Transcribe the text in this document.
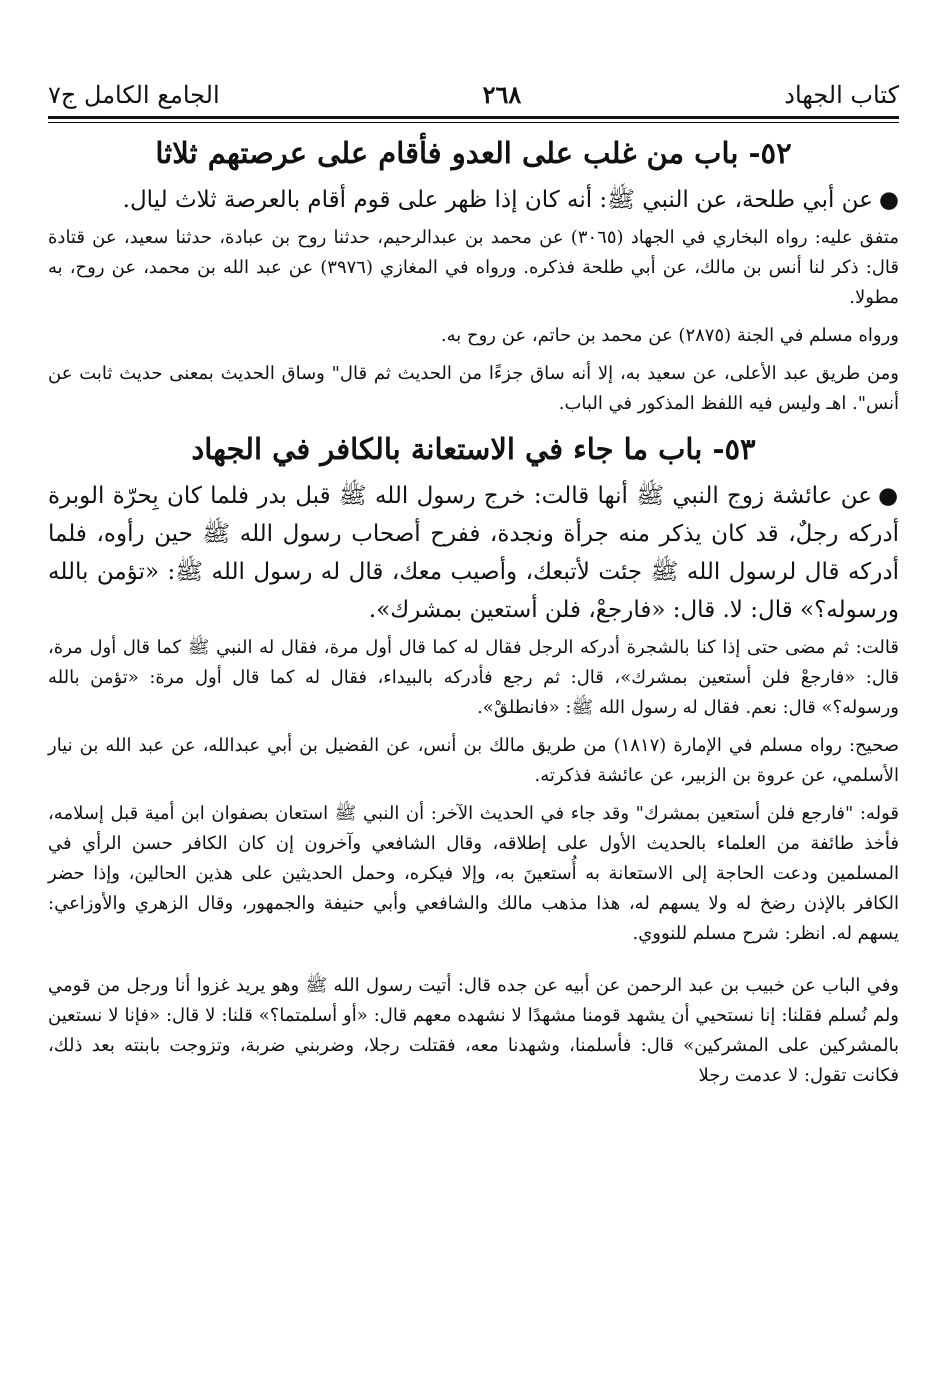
كتاب الجهاد
٢٦٨
الجامع الكامل ج٧
٥٢- باب من غلب على العدو فأقام على عرصتهم ثلاثا

●عن أبي طلحة، عن النبي ﷺ: أنه كان إذا ظهر على قوم أقام بالعرصة ثلاث ليال.

متفق عليه: رواه البخاري في الجهاد (٣٠٦٥) عن محمد بن عبدالرحيم، حدثنا روح بن عبادة، حدثنا سعيد، عن قتادة قال: ذكر لنا أنس بن مالك، عن أبي طلحة فذكره. ورواه في المغازي (٣٩٧٦) عن عبد الله بن محمد، عن روح، به مطولا.

ورواه مسلم في الجنة (٢٨٧٥) عن محمد بن حاتم، عن روح به.

ومن طريق عبد الأعلى، عن سعيد به، إلا أنه ساق جزءًا من الحديث ثم قال" وساق الحديث بمعنى حديث ثابت عن أنس". اهـ وليس فيه اللفظ المذكور في الباب.

٥٣- باب ما جاء في الاستعانة بالكافر في الجهاد

●عن عائشة زوج النبي ﷺ أنها قالت: خرج رسول الله ﷺ قبل بدر فلما كان بِحرّة الوبرة أدركه رجلٌ، قد كان يذكر منه جرأة ونجدة، ففرح أصحاب رسول الله ﷺ حين رأوه، فلما أدركه قال لرسول الله ﷺ جئت لأتبعك، وأصيب معك، قال له رسول الله ﷺ: «تؤمن بالله ورسوله؟» قال: لا. قال: «فارجعْ، فلن أستعين بمشرك».

قالت: ثم مضى حتى إذا كنا بالشجرة أدركه الرجل فقال له كما قال أول مرة، فقال له النبي ﷺ كما قال أول مرة، قال: «فارجعْ فلن أستعين بمشرك»، قال: ثم رجع فأدركه بالبيداء، فقال له كما قال أول مرة: «تؤمن بالله ورسوله؟» قال: نعم. فقال له رسول الله ﷺ: «فانطلقْ».

صحيح: رواه مسلم في الإمارة (١٨١٧) من طريق مالك بن أنس، عن الفضيل بن أبي عبدالله، عن عبد الله بن نيار الأسلمي، عن عروة بن الزبير، عن عائشة فذكرته.

قوله: "فارجع فلن أستعين بمشرك" وقد جاء في الحديث الآخر: أن النبي ﷺ استعان بصفوان ابن أمية قبل إسلامه، فأخذ طائفة من العلماء بالحديث الأول على إطلاقه، وقال الشافعي وآخرون إن كان الكافر حسن الرأي في المسلمين ودعت الحاجة إلى الاستعانة به أُستعينَ به، وإلا فيكره، وحمل الحديثين على هذين الحالين، وإذا حضر الكافر بالإذن رضخ له ولا يسهم له، هذا مذهب مالك والشافعي وأبي حنيفة والجمهور، وقال الزهري والأوزاعي: يسهم له. انظر: شرح مسلم للنووي.

وفي الباب عن خبيب بن عبد الرحمن عن أبيه عن جده قال: أتيت رسول الله ﷺ وهو يريد غزوا أنا ورجل من قومي ولم نُسلم فقلنا: إنا نستحيي أن يشهد قومنا مشهدًا لا نشهده معهم قال: «أو أسلمتما؟» قلنا: لا قال: «فإنا لا نستعين بالمشركين على المشركين» قال: فأسلمنا، وشهدنا معه، فقتلت رجلا، وضربني ضربة، وتزوجت بابنته بعد ذلك، فكانت تقول: لا عدمت رجلا
